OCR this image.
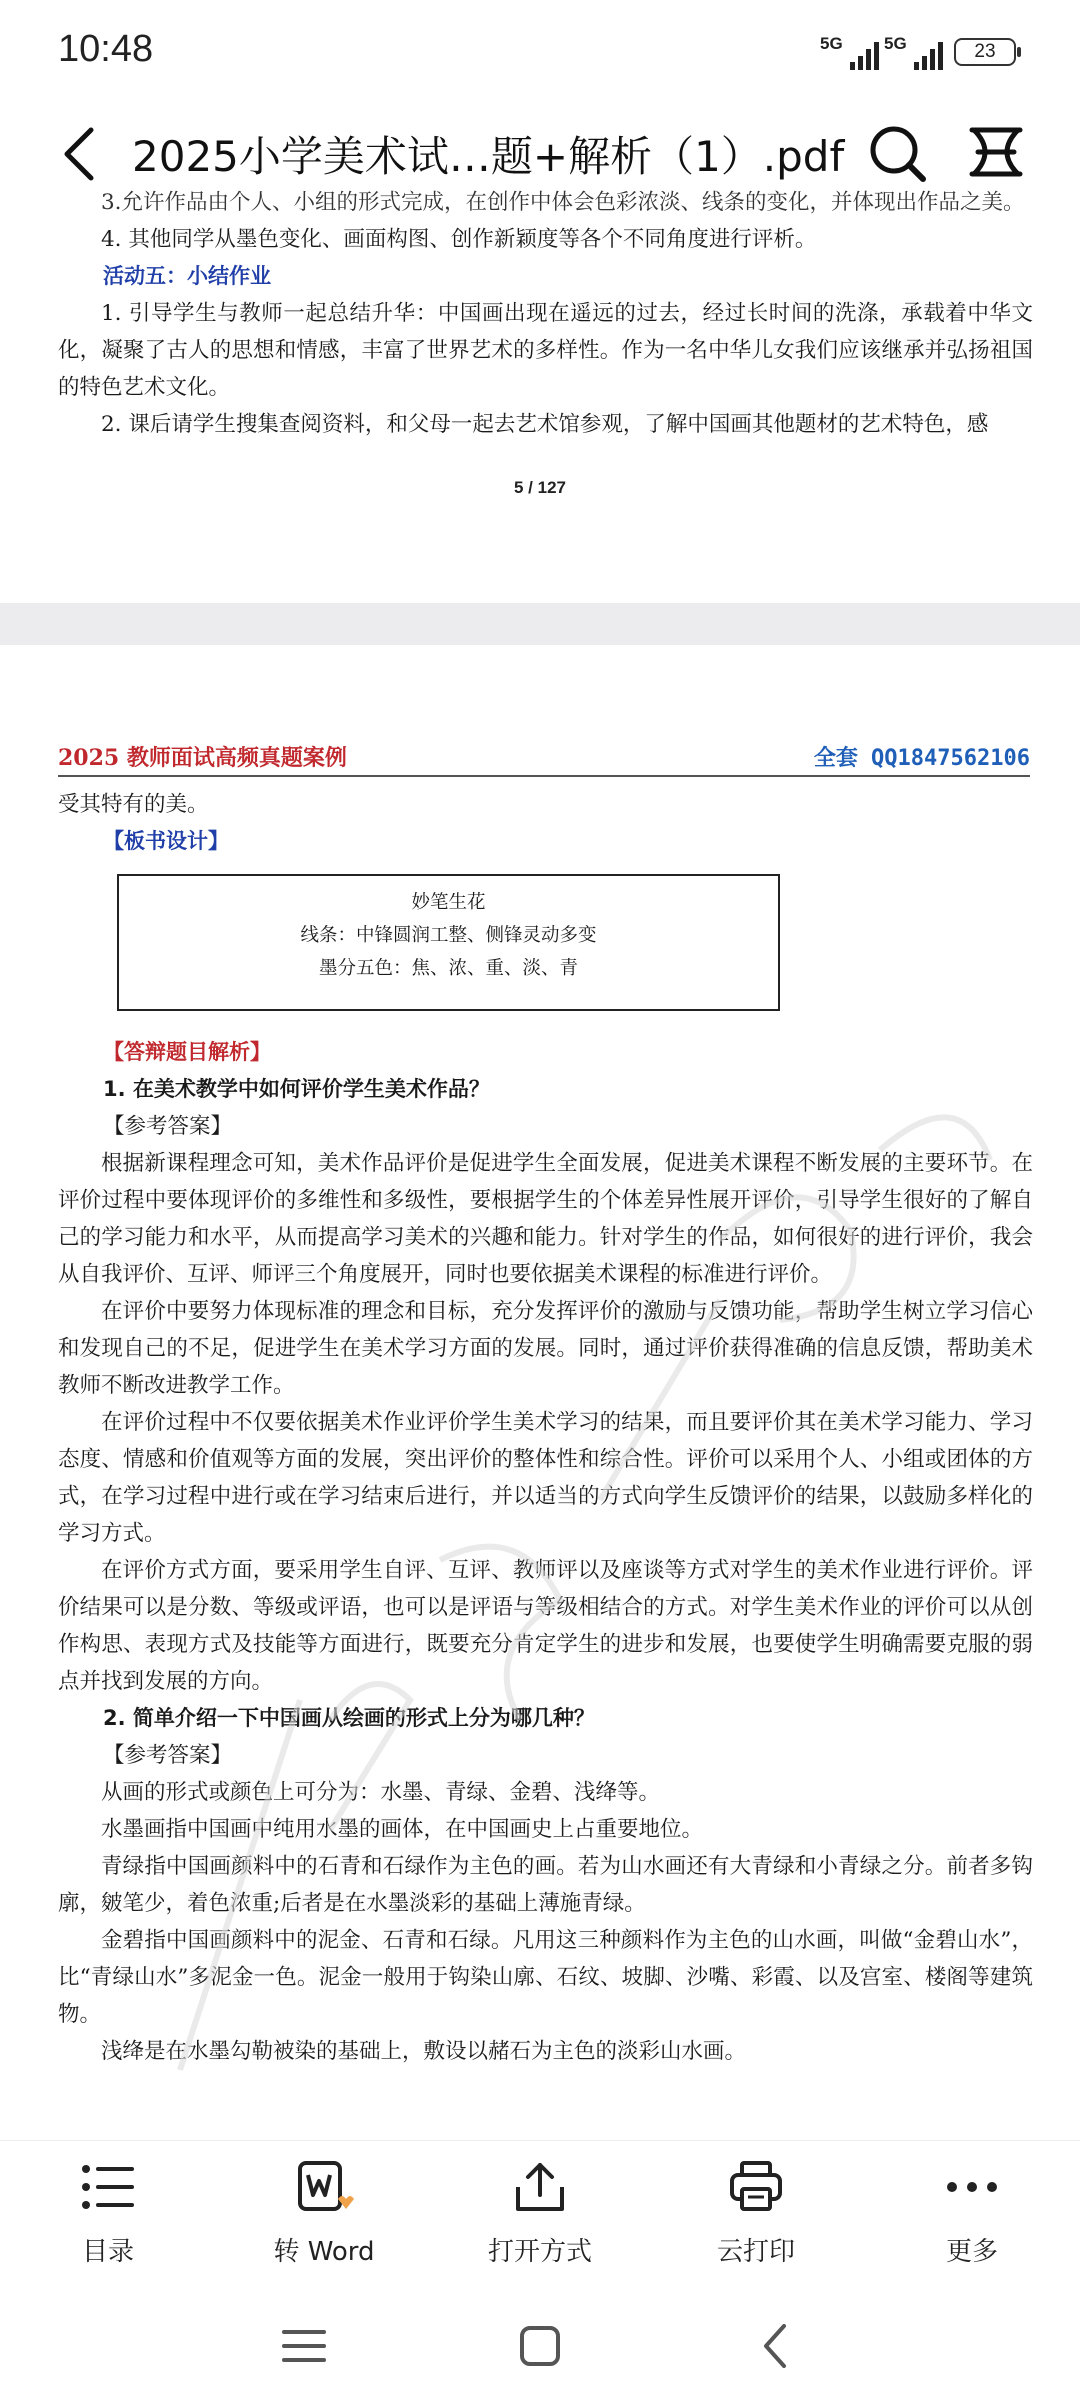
10:48	5G 5G	23
2025小学美术试…题+解析（1）.pdf

3.允许作品由个人、小组的形式完成，在创作中体会色彩浓淡、线条的变化，并体现出作品之美。

4. 其他同学从墨色变化、画面构图、创作新颖度等各个不同角度进行评析。

活动五：小结作业

1. 引导学生与教师一起总结升华：中国画出现在遥远的过去，经过长时间的洗涤，承载着中华文化，凝聚了古人的思想和情感，丰富了世界艺术的多样性。作为一名中华儿女我们应该继承并弘扬祖国的特色艺术文化。

2. 课后请学生搜集查阅资料，和父母一起去艺术馆参观，了解中国画其他题材的艺术特色，感

5 / 127
2025 教师面试高频真题案例	全套 QQ1847562106

受其特有的美。

【板书设计】

妙笔生花
线条：中锋圆润工整、侧锋灵动多变
墨分五色：焦、浓、重、淡、青

【答辩题目解析】

1. 在美术教学中如何评价学生美术作品？

【参考答案】

根据新课程理念可知，美术作品评价是促进学生全面发展，促进美术课程不断发展的主要环节。在评价过程中要体现评价的多维性和多级性，要根据学生的个体差异性展开评价，引导学生很好的了解自己的学习能力和水平，从而提高学习美术的兴趣和能力。针对学生的作品，如何很好的进行评价，我会从自我评价、互评、师评三个角度展开，同时也要依据美术课程的标准进行评价。

在评价中要努力体现标准的理念和目标，充分发挥评价的激励与反馈功能，帮助学生树立学习信心和发现自己的不足，促进学生在美术学习方面的发展。同时，通过评价获得准确的信息反馈，帮助美术教师不断改进教学工作。

在评价过程中不仅要依据美术作业评价学生美术学习的结果，而且要评价其在美术学习能力、学习态度、情感和价值观等方面的发展，突出评价的整体性和综合性。评价可以采用个人、小组或团体的方式，在学习过程中进行或在学习结束后进行，并以适当的方式向学生反馈评价的结果，以鼓励多样化的学习方式。

在评价方式方面，要采用学生自评、互评、教师评以及座谈等方式对学生的美术作业进行评价。评价结果可以是分数、等级或评语，也可以是评语与等级相结合的方式。对学生美术作业的评价可以从创作构思、表现方式及技能等方面进行，既要充分肯定学生的进步和发展，也要使学生明确需要克服的弱点并找到发展的方向。

2. 简单介绍一下中国画从绘画的形式上分为哪几种？

【参考答案】

从画的形式或颜色上可分为：水墨、青绿、金碧、浅绛等。

水墨画指中国画中纯用水墨的画体，在中国画史上占重要地位。

青绿指中国画颜料中的石青和石绿作为主色的画。若为山水画还有大青绿和小青绿之分。前者多钩廓，皴笔少，着色浓重;后者是在水墨淡彩的基础上薄施青绿。

金碧指中国画颜料中的泥金、石青和石绿。凡用这三种颜料作为主色的山水画，叫做“金碧山水”，比“青绿山水”多泥金一色。泥金一般用于钩染山廓、石纹、坡脚、沙嘴、彩霞、以及宫室、楼阁等建筑物。

浅绛是在水墨勾勒被染的基础上，敷设以赭石为主色的淡彩山水画。

目录	转 Word	打开方式	云打印	更多
